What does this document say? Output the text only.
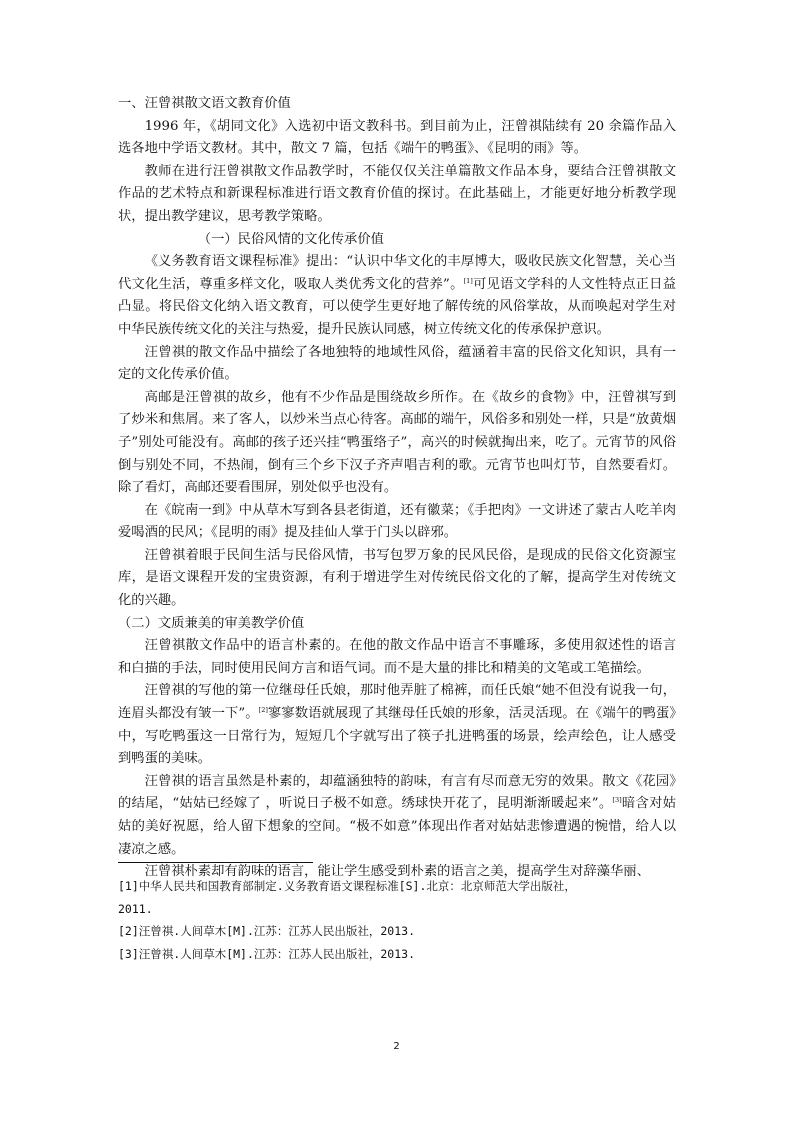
一、汪曾祺散文语文教育价值

1996 年，《胡同文化》入选初中语文教科书。到目前为止，汪曾祺陆续有 20 余篇作品入选各地中学语文教材。其中，散文 7 篇，包括《端午的鸭蛋》、《昆明的雨》等。

教师在进行汪曾祺散文作品教学时，不能仅仅关注单篇散文作品本身，要结合汪曾祺散文作品的艺术特点和新课程标准进行语文教育价值的探讨。在此基础上，才能更好地分析教学现状，提出教学建议，思考教学策略。

（一）民俗风情的文化传承价值

《义务教育语文课程标准》提出：“认识中华文化的丰厚博大，吸收民族文化智慧，关心当代文化生活，尊重多样文化，吸取人类优秀文化的营养”。[1]可见语文学科的人文性特点正日益凸显。将民俗文化纳入语文教育，可以使学生更好地了解传统的风俗掌故，从而唤起对学生对中华民族传统文化的关注与热爱，提升民族认同感，树立传统文化的传承保护意识。

汪曾祺的散文作品中描绘了各地独特的地域性风俗，蕴涵着丰富的民俗文化知识，具有一定的文化传承价值。

高邮是汪曾祺的故乡，他有不少作品是围绕故乡所作。在《故乡的食物》中，汪曾祺写到了炒米和焦屑。来了客人，以炒米当点心待客。高邮的端午，风俗多和别处一样，只是“放黄烟子”别处可能没有。高邮的孩子还兴挂“鸭蛋络子”，高兴的时候就掏出来，吃了。元宵节的风俗倒与别处不同，不热闹，倒有三个乡下汉子齐声唱吉利的歌。元宵节也叫灯节，自然要看灯。除了看灯，高邮还要看围屏，别处似乎也没有。

在《皖南一到》中从草木写到各县老街道，还有徽菜；《手把肉》一文讲述了蒙古人吃羊肉爱喝酒的民风；《昆明的雨》提及挂仙人掌于门头以辟邪。

汪曾祺着眼于民间生活与民俗风情，书写包罗万象的民风民俗，是现成的民俗文化资源宝库，是语文课程开发的宝贵资源，有利于增进学生对传统民俗文化的了解，提高学生对传统文化的兴趣。

（二）文质兼美的审美教学价值

汪曾祺散文作品中的语言朴素的。在他的散文作品中语言不事雕琢，多使用叙述性的语言和白描的手法，同时使用民间方言和语气词。而不是大量的排比和精美的文笔或工笔描绘。

汪曾祺的写他的第一位继母任氏娘，那时他弄脏了棉裤，而任氏娘“她不但没有说我一句，连眉头都没有皱一下”。[2]寥寥数语就展现了其继母任氏娘的形象，活灵活现。在《端午的鸭蛋》中，写吃鸭蛋这一日常行为，短短几个字就写出了筷子扎进鸭蛋的场景，绘声绘色，让人感受到鸭蛋的美味。

汪曾祺的语言虽然是朴素的，却蕴涵独特的韵味，有言有尽而意无穷的效果。散文《花园》的结尾，“姑姑已经嫁了 ，听说日子极不如意。绣球快开花了，昆明渐渐暖起来”。[3]暗含对姑姑的美好祝愿，给人留下想象的空间。“极不如意”体现出作者对姑姑悲惨遭遇的惋惜，给人以凄凉之感。

汪曾祺朴素却有韵味的语言，能让学生感受到朴素的语言之美，提高学生对辞藻华丽、

[1]中华人民共和国教育部制定.义务教育语文课程标准[S].北京：北京师范大学出版社，

2011.

[2]汪曾祺.人间草木[M].江苏：江苏人民出版社，2013.

[3]汪曾祺.人间草木[M].江苏：江苏人民出版社，2013.

2
